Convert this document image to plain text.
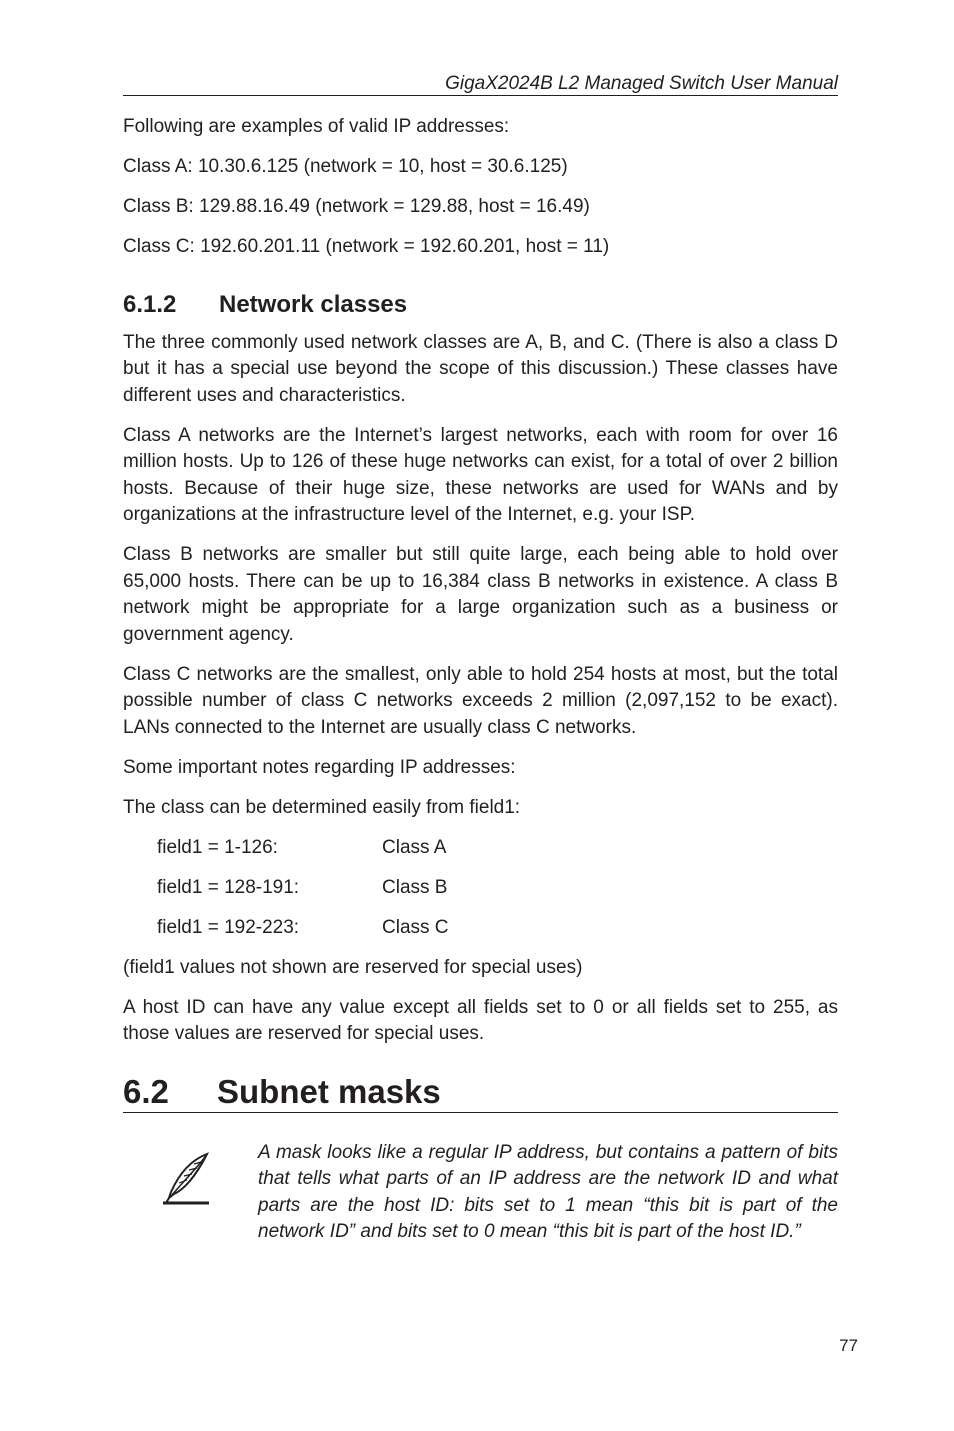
GigaX2024B L2 Managed Switch User Manual

Following are examples of valid IP addresses:

Class A: 10.30.6.125 (network = 10, host = 30.6.125)

Class B: 129.88.16.49 (network = 129.88, host = 16.49)

Class C: 192.60.201.11 (network = 192.60.201, host = 11)

6.1.2 Network classes

The three commonly used network classes are A, B, and C. (There is also a class D but it has a special use beyond the scope of this discussion.) These classes have different uses and characteristics.

Class A networks are the Internet’s largest networks, each with room for over 16 million hosts. Up to 126 of these huge networks can exist, for a total of over 2 billion hosts. Because of their huge size, these networks are used for WANs and by organizations at the infrastructure level of the Internet, e.g. your ISP.

Class B networks are smaller but still quite large, each being able to hold over 65,000 hosts. There can be up to 16,384 class B networks in existence. A class B network might be appropriate for a large organization such as a business or government agency.

Class C networks are the smallest, only able to hold 254 hosts at most, but the total possible number of class C networks exceeds 2 million (2,097,152 to be exact). LANs connected to the Internet are usually class C networks.

Some important notes regarding IP addresses:

The class can be determined easily from field1:

field1 = 1-126:	Class A
field1 = 128-191:	Class B
field1 = 192-223:	Class C

(field1 values not shown are reserved for special uses)

A host ID can have any value except all fields set to 0 or all fields set to 255, as those values are reserved for special uses.

6.2 Subnet masks
A mask looks like a regular IP address, but contains a pattern of bits that tells what parts of an IP address are the network ID and what parts are the host ID: bits set to 1 mean “this bit is part of the network ID” and bits set to 0 mean “this bit is part of the host ID.”
77
